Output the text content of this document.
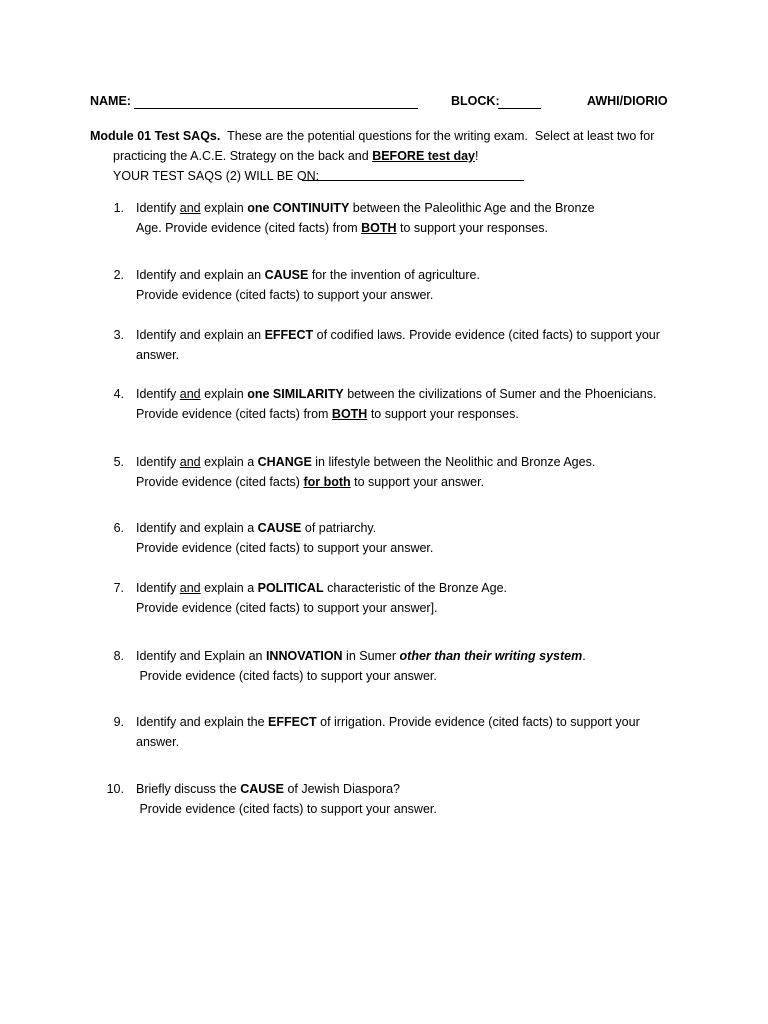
NAME:	BLOCK:	AWHI/DIORIO
Module 01 Test SAQs.  These are the potential questions for the writing exam.  Select at least two for
practicing the A.C.E. Strategy on the back and BEFORE test day!
YOUR TEST SAQS (2) WILL BE ON:
1. Identify and explain one CONTINUITY between the Paleolithic Age and the Bronze
Age. Provide evidence (cited facts) from BOTH to support your responses.
2. Identify and explain an CAUSE for the invention of agriculture.
Provide evidence (cited facts) to support your answer.
3. Identify and explain an EFFECT of codified laws. Provide evidence (cited facts) to support your
answer.
4. Identify and explain one SIMILARITY between the civilizations of Sumer and the Phoenicians.
Provide evidence (cited facts) from BOTH to support your responses.
5. Identify and explain a CHANGE in lifestyle between the Neolithic and Bronze Ages.
Provide evidence (cited facts) for both to support your answer.
6. Identify and explain a CAUSE of patriarchy.
Provide evidence (cited facts) to support your answer.
7. Identify and explain a POLITICAL characteristic of the Bronze Age.
Provide evidence (cited facts) to support your answer].
8. Identify and Explain an INNOVATION in Sumer other than their writing system.
Provide evidence (cited facts) to support your answer.
9. Identify and explain the EFFECT of irrigation. Provide evidence (cited facts) to support your
answer.
10. Briefly discuss the CAUSE of Jewish Diaspora?
Provide evidence (cited facts) to support your answer.
